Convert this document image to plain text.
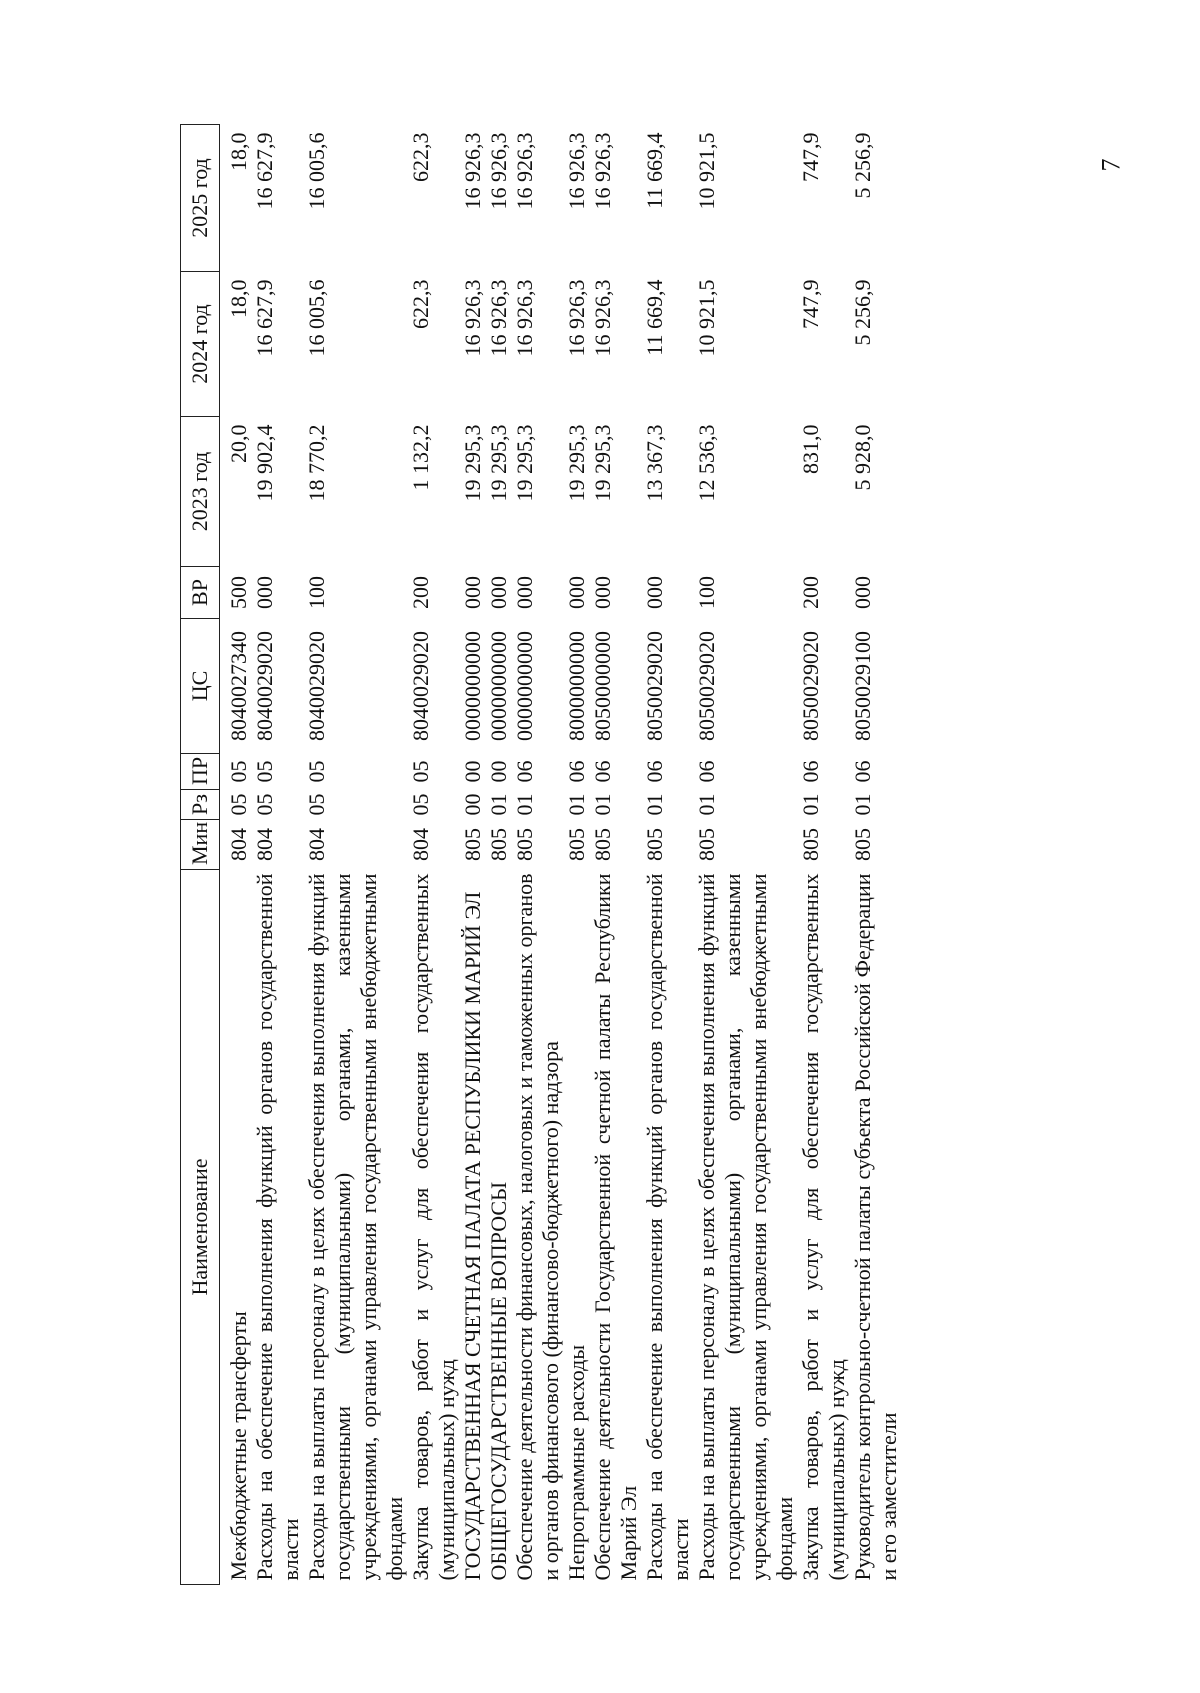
7
Наименование	Мин	Рз	ПР	ЦС	ВР	2023 год	2024 год	2025 год
Межбюджетные трансферты	804	05	05	8040027340	500	20,0	18,0	18,0
Расходы на обеспечение выполнения функций органов государственной власти	804	05	05	8040029020	000	19 902,4	16 627,9	16 627,9
Расходы на выплаты персоналу в целях обеспечения выполнения функций государственными (муниципальными) органами, казенными учреждениями, органами управления государственными внебюджетными фондами	804	05	05	8040029020	100	18 770,2	16 005,6	16 005,6
Закупка товаров, работ и услуг для обеспечения государственных (муниципальных) нужд	804	05	05	8040029020	200	1 132,2	622,3	622,3
ГОСУДАРСТВЕННАЯ СЧЕТНАЯ ПАЛАТА РЕСПУБЛИКИ МАРИЙ ЭЛ	805	00	00	0000000000	000	19 295,3	16 926,3	16 926,3
ОБЩЕГОСУДАРСТВЕННЫЕ ВОПРОСЫ	805	01	00	0000000000	000	19 295,3	16 926,3	16 926,3
Обеспечение деятельности финансовых, налоговых и таможенных органов и органов финансового (финансово-бюджетного) надзора	805	01	06	0000000000	000	19 295,3	16 926,3	16 926,3
Непрограммные расходы	805	01	06	8000000000	000	19 295,3	16 926,3	16 926,3
Обеспечение деятельности Государственной счетной палаты Республики Марий Эл	805	01	06	8050000000	000	19 295,3	16 926,3	16 926,3
Расходы на обеспечение выполнения функций органов государственной власти	805	01	06	8050029020	000	13 367,3	11 669,4	11 669,4
Расходы на выплаты персоналу в целях обеспечения выполнения функций государственными (муниципальными) органами, казенными учреждениями, органами управления государственными внебюджетными фондами	805	01	06	8050029020	100	12 536,3	10 921,5	10 921,5
Закупка товаров, работ и услуг для обеспечения государственных (муниципальных) нужд	805	01	06	8050029020	200	831,0	747,9	747,9
Руководитель контрольно-счетной палаты субъекта Российской Федерации и его заместители	805	01	06	8050029100	000	5 928,0	5 256,9	5 256,9
